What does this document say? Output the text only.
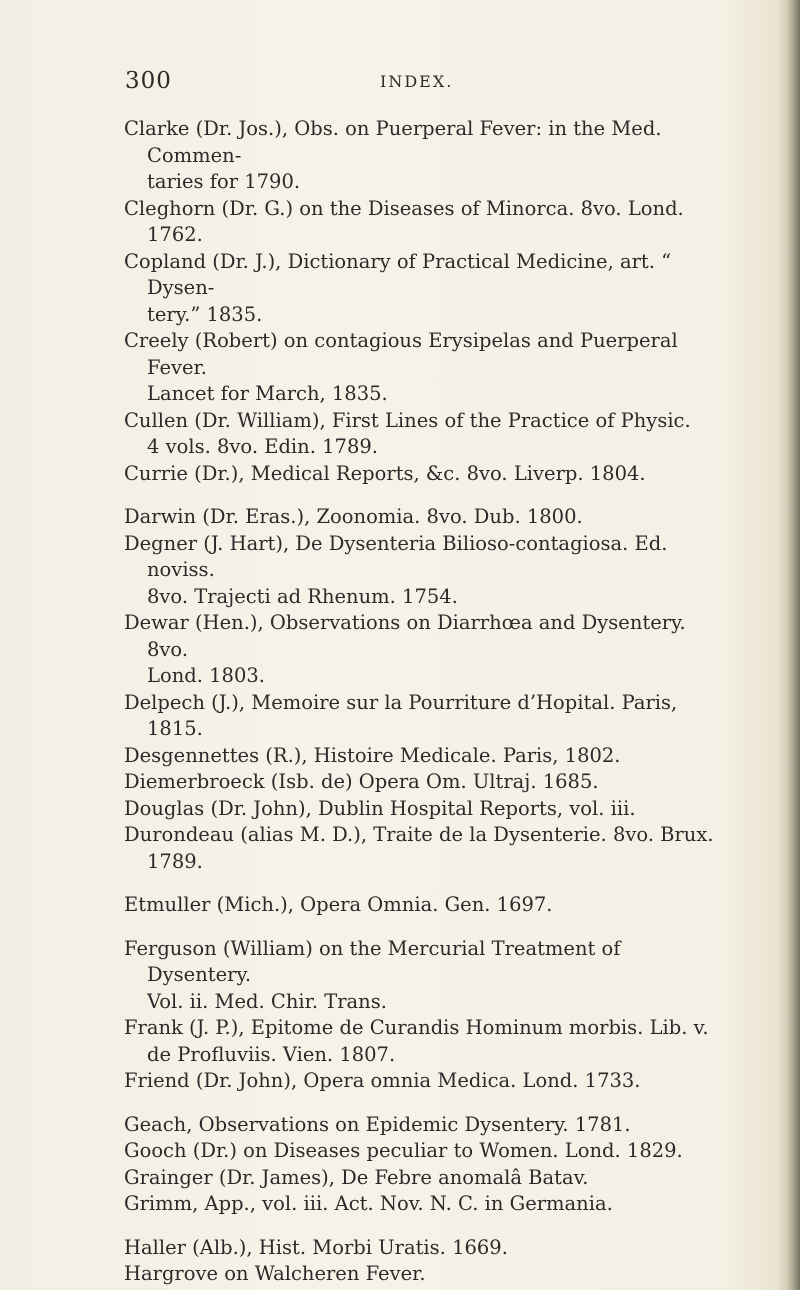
300	INDEX.
Clarke (Dr. Jos.), Obs. on Puerperal Fever: in the Med. Commen-
taries for 1790.
Cleghorn (Dr. G.) on the Diseases of Minorca. 8vo. Lond. 1762.
Copland (Dr. J.), Dictionary of Practical Medicine, art. “ Dysen-
tery.” 1835.
Creely (Robert) on contagious Erysipelas and Puerperal Fever.
Lancet for March, 1835.
Cullen (Dr. William), First Lines of the Practice of Physic.
4 vols. 8vo. Edin. 1789.
Currie (Dr.), Medical Reports, &c. 8vo. Liverp. 1804.
Darwin (Dr. Eras.), Zoonomia. 8vo. Dub. 1800.
Degner (J. Hart), De Dysenteria Bilioso-contagiosa. Ed. noviss.
8vo. Trajecti ad Rhenum. 1754.
Dewar (Hen.), Observations on Diarrhœa and Dysentery. 8vo.
Lond. 1803.
Delpech (J.), Memoire sur la Pourriture d’Hopital. Paris, 1815.
Desgennettes (R.), Histoire Medicale. Paris, 1802.
Diemerbroeck (Isb. de) Opera Om. Ultraj. 1685.
Douglas (Dr. John), Dublin Hospital Reports, vol. iii.
Durondeau (alias M. D.), Traite de la Dysenterie. 8vo. Brux.
1789.
Etmuller (Mich.), Opera Omnia. Gen. 1697.
Ferguson (William) on the Mercurial Treatment of Dysentery.
Vol. ii. Med. Chir. Trans.
Frank (J. P.), Epitome de Curandis Hominum morbis. Lib. v.
de Profluviis. Vien. 1807.
Friend (Dr. John), Opera omnia Medica. Lond. 1733.
Geach, Observations on Epidemic Dysentery. 1781.
Gooch (Dr.) on Diseases peculiar to Women. Lond. 1829.
Grainger (Dr. James), De Febre anomalâ Batav.
Grimm, App., vol. iii. Act. Nov. N. C. in Germania.
Haller (Alb.), Hist. Morbi Uratis. 1669.
Hargrove on Walcheren Fever.
